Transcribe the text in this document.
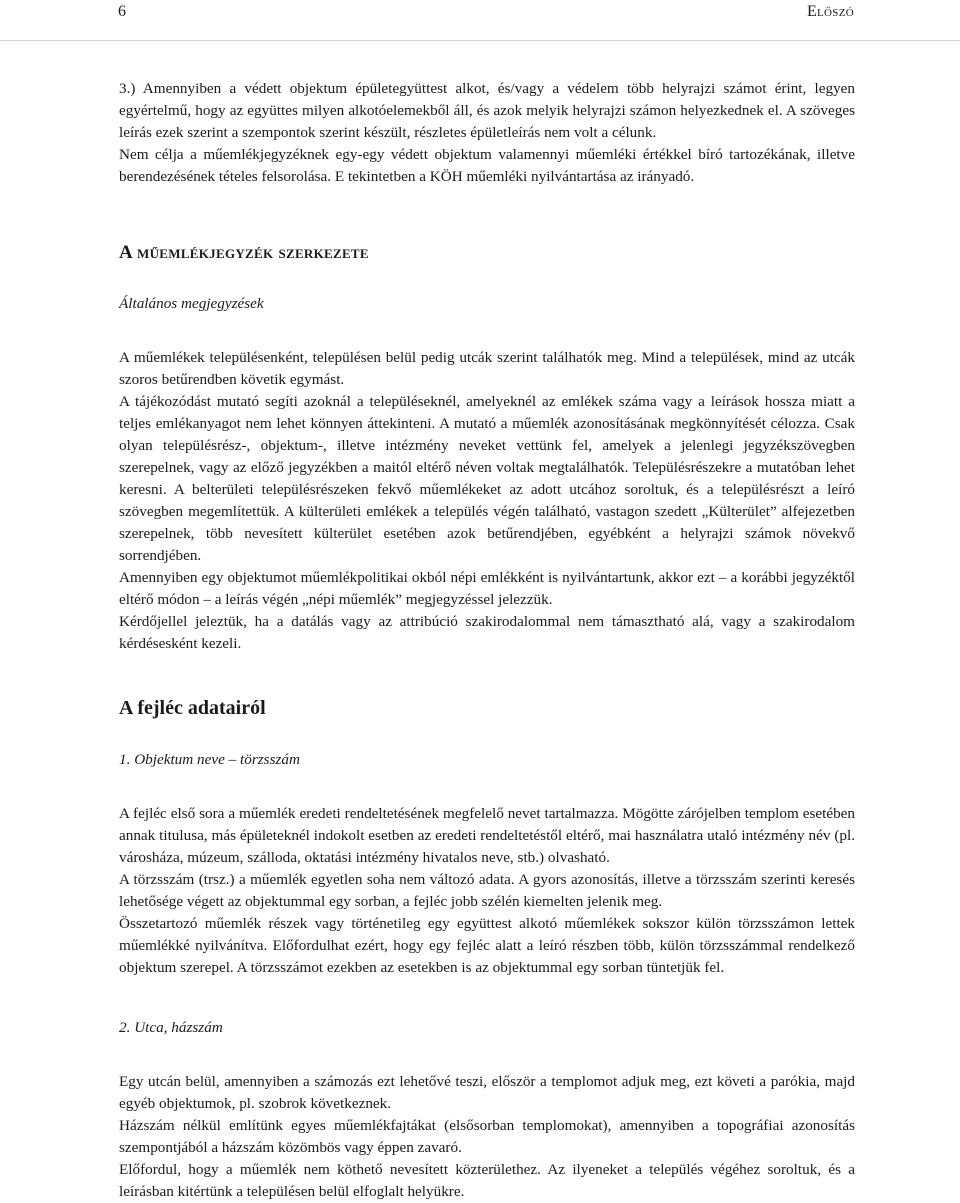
6	Előszó

3.) Amennyiben a védett objektum épületegyüttest alkot, és/vagy a védelem több helyrajzi számot érint, legyen egyértelmű, hogy az együttes milyen alkotóelemekből áll, és azok melyik helyrajzi számon helyezkednek el. A szöveges leírás ezek szerint a szempontok szerint készült, részletes épületleírás nem volt a célunk.

Nem célja a műemlékjegyzéknek egy-egy védett objektum valamennyi műemléki értékkel bíró tartozékának, illetve berendezésének tételes felsorolása. E tekintetben a KÖH műemléki nyilvántartása az irányadó.

A műemlékjegyzék szerkezete
Általános megjegyzések

A műemlékek településenként, településen belül pedig utcák szerint találhatók meg. Mind a települések, mind az utcák szoros betűrendben követik egymást.

A tájékozódást mutató segíti azoknál a településeknél, amelyeknél az emlékek száma vagy a leírások hossza miatt a teljes emlékanyagot nem lehet könnyen áttekinteni. A mutató a műemlék azonosításának megkönnyítését célozza. Csak olyan településrész-, objektum-, illetve intézmény neveket vettünk fel, amelyek a jelenlegi jegyzékszövegben szerepelnek, vagy az előző jegyzékben a maitól eltérő néven voltak megtalálhatók. Településrészekre a mutatóban lehet keresni. A belterületi településrészeken fekvő műemlékeket az adott utcához soroltuk, és a településrészt a leíró szövegben megemlítettük. A külterületi emlékek a település végén található, vastagon szedett „Külterület” alfejezetben szerepelnek, több nevesített külterület esetében azok betűrendjében, egyébként a helyrajzi számok növekvő sorrendjében.

Amennyiben egy objektumot műemlékpolitikai okból népi emlékként is nyilvántartunk, akkor ezt – a korábbi jegyzéktől eltérő módon – a leírás végén „népi műemlék” megjegyzéssel jelezzük.

Kérdőjellel jeleztük, ha a datálás vagy az attribúció szakirodalommal nem támasztható alá, vagy a szakirodalom kérdésesként kezeli.

A fejléc adatairól
1. Objektum neve – törzsszám

A fejléc első sora a műemlék eredeti rendeltetésének megfelelő nevet tartalmazza. Mögötte zárójelben templom esetében annak titulusa, más épületeknél indokolt esetben az eredeti rendeltetéstől eltérő, mai használatra utaló intézmény név (pl. városháza, múzeum, szálloda, oktatási intézmény hivatalos neve, stb.) olvasható.

A törzsszám (trsz.) a műemlék egyetlen soha nem változó adata. A gyors azonosítás, illetve a törzsszám szerinti keresés lehetősége végett az objektummal egy sorban, a fejléc jobb szélén kiemelten jelenik meg.

Összetartozó műemlék részek vagy történetileg egy együttest alkotó műemlékek sokszor külön törzsszámon lettek műemlékké nyilvánítva. Előfordulhat ezért, hogy egy fejléc alatt a leíró részben több, külön törzsszámmal rendelkező objektum szerepel. A törzsszámot ezekben az esetekben is az objektummal egy sorban tüntetjük fel.

2. Utca, házszám

Egy utcán belül, amennyiben a számozás ezt lehetővé teszi, először a templomot adjuk meg, ezt követi a parókia, majd egyéb objektumok, pl. szobrok következnek.

Házszám nélkül említünk egyes műemlékfajtákat (elsősorban templomokat), amennyiben a topográfiai azonosítás szempontjából a házszám közömbös vagy éppen zavaró.

Előfordul, hogy a műemlék nem köthető nevesített közterülethez. Az ilyeneket a település végéhez soroltuk, és a leírásban kitértünk a településen belül elfoglalt helyükre.
